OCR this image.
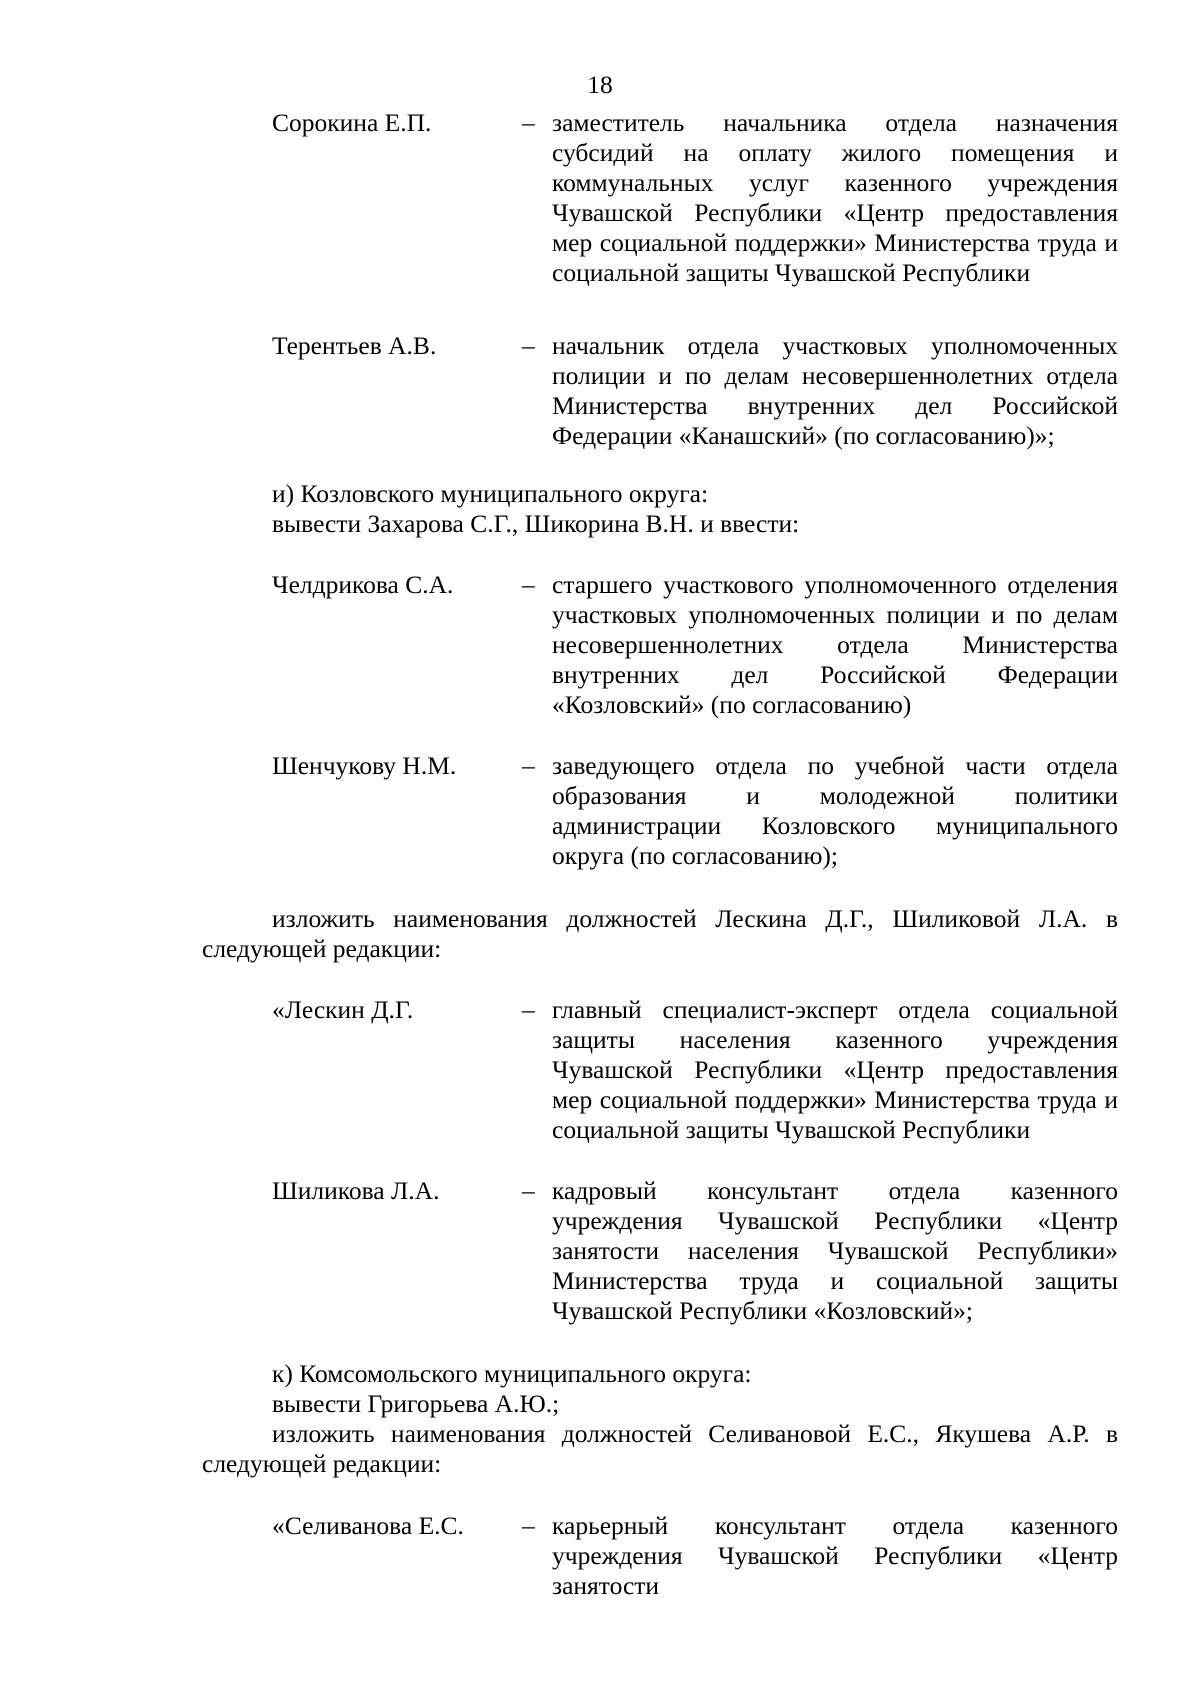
18
Сорокина Е.П.	– заместитель начальника отдела назначения субсидий на оплату жилого помещения и коммунальных услуг казенного учреждения Чувашской Республики «Центр предоставления мер социальной поддержки» Министерства труда и социальной защиты Чувашской Республики
Терентьев А.В.	– начальник отдела участковых уполномоченных полиции и по делам несовершеннолетних отдела Министерства внутренних дел Российской Федерации «Канашский» (по согласованию)»;

и) Козловского муниципального округа:

вывести Захарова С.Г., Шикорина В.Н. и ввести:

Челдрикова С.А.	– старшего участкового уполномоченного отделения участковых уполномоченных полиции и по делам несовершеннолетних отдела Министерства внутренних дел Российской Федерации «Козловский» (по согласованию)
Шенчукову Н.М.	– заведующего отдела по учебной части отдела образования и молодежной политики администрации Козловского муниципального округа (по согласованию);

изложить наименования должностей Лескина Д.Г., Шиликовой Л.А. в следующей редакции:

«Лескин Д.Г.	– главный специалист-эксперт отдела социальной защиты населения казенного учреждения Чувашской Республики «Центр предоставления мер социальной поддержки» Министерства труда и социальной защиты Чувашской Республики
Шиликова Л.А.	– кадровый консультант отдела казенного учреждения Чувашской Республики «Центр занятости населения Чувашской Республики» Министерства труда и социальной защиты Чувашской Республики «Козловский»;

к) Комсомольского муниципального округа:

вывести Григорьева А.Ю.;

изложить наименования должностей Селивановой Е.С., Якушева А.Р. в следующей редакции:

«Селиванова Е.С. – карьерный консультант отдела казенного учреждения Чувашской Республики «Центр занятости
